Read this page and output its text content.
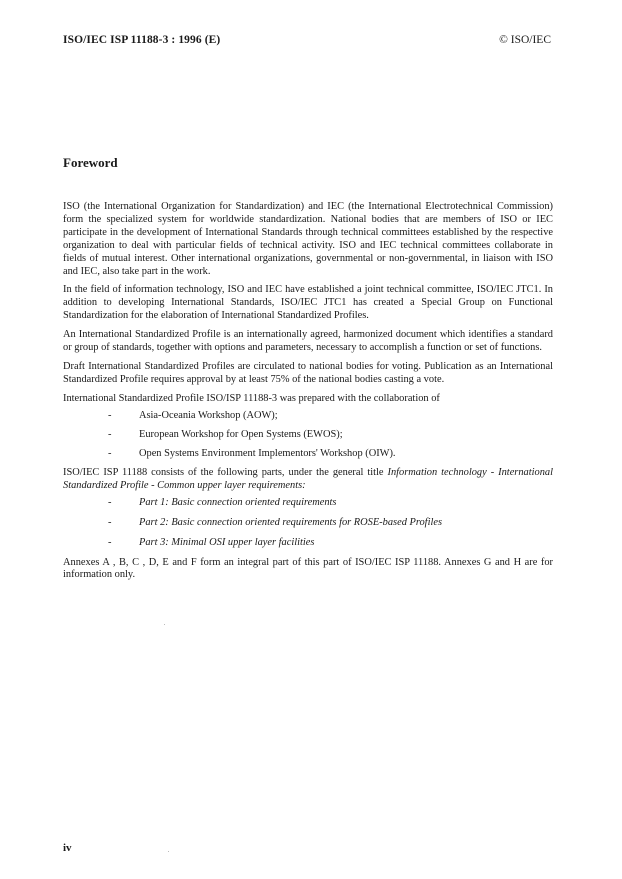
ISO/IEC ISP 11188-3 : 1996 (E)	© ISO/IEC
Foreword

ISO (the International Organization for Standardization) and IEC (the International Electrotechnical Commission) form the specialized system for worldwide standardization. National bodies that are members of ISO or IEC participate in the development of International Standards through technical committees established by the respective organization to deal with particular fields of technical activity. ISO and IEC technical committees collaborate in fields of mutual interest. Other international organizations, governmental or non-governmental, in liaison with ISO and IEC, also take part in the work.

In the field of information technology, ISO and IEC have established a joint technical committee, ISO/IEC JTC1. In addition to developing International Standards, ISO/IEC JTC1 has created a Special Group on Functional Standardization for the elaboration of International Standardized Profiles.

An International Standardized Profile is an internationally agreed, harmonized document which identifies a standard or group of standards, together with options and parameters, necessary to accomplish a function or set of functions.

Draft International Standardized Profiles are circulated to national bodies for voting. Publication as an International Standardized Profile requires approval by at least 75% of the national bodies casting a vote.

International Standardized Profile ISO/ISP 11188-3 was prepared with the collaboration of

-	Asia-Oceania Workshop (AOW);
-	European Workshop for Open Systems (EWOS);
-	Open Systems Environment Implementors' Workshop (OIW).

ISO/IEC ISP 11188 consists of the following parts, under the general title Information technology - International Standardized Profile - Common upper layer requirements:

-	Part 1: Basic connection oriented requirements
-	Part 2: Basic connection oriented requirements for ROSE-based Profiles
-	Part 3: Minimal OSI upper layer facilities

Annexes A , B, C , D, E and F form an integral part of this part of ISO/IEC ISP 11188. Annexes G and H are for information only.

iv
